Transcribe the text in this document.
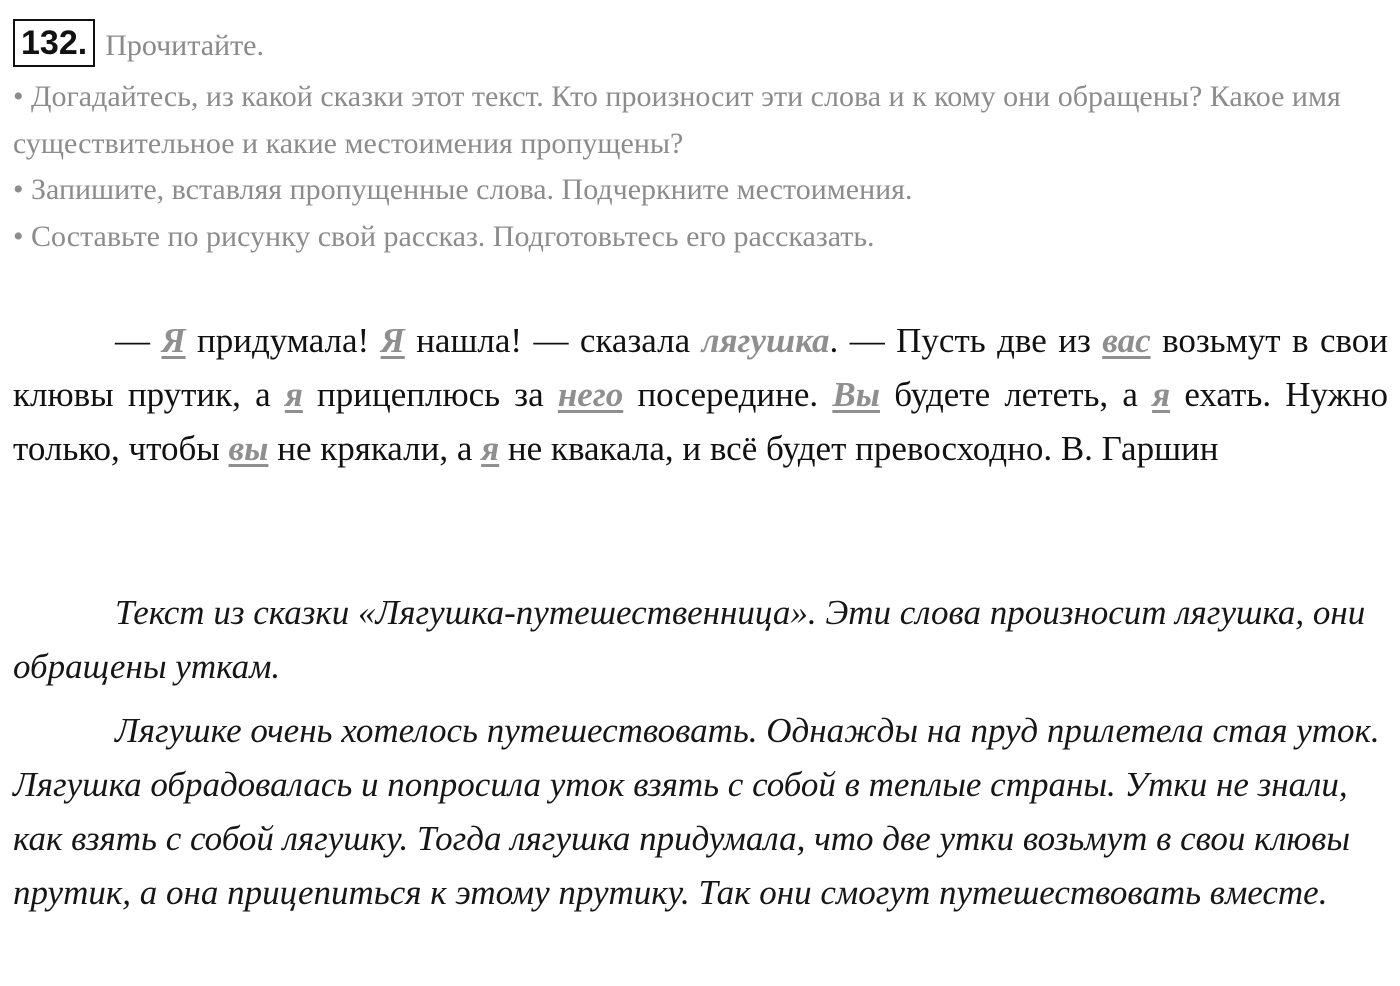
132. Прочитайте.

• Догадайтесь, из какой сказки этот текст. Кто произносит эти слова и к кому они обращены? Какое имя существительное и какие местоимения пропущены?

• Запишите, вставляя пропущенные слова. Подчеркните местоимения.

• Составьте по рисунку свой рассказ. Подготовьтесь его рассказать.

— Я придумала! Я нашла! — сказала лягушка. — Пусть две из вас возьмут в свои клювы прутик, а я прицеплюсь за него посередине. Вы будете лететь, а я ехать. Нужно только, чтобы вы не крякали, а я не квакала, и всё будет превосходно. В. Гаршин

Текст из сказки «Лягушка-путешественница». Эти слова произносит лягушка, они обращены уткам.

Лягушке очень хотелось путешествовать. Однажды на пруд прилетела стая уток. Лягушка обрадовалась и попросила уток взять с собой в теплые страны. Утки не знали, как взять с собой лягушку. Тогда лягушка придумала, что две утки возьмут в свои клювы прутик, а она прицепиться к этому прутику. Так они смогут путешествовать вместе.
